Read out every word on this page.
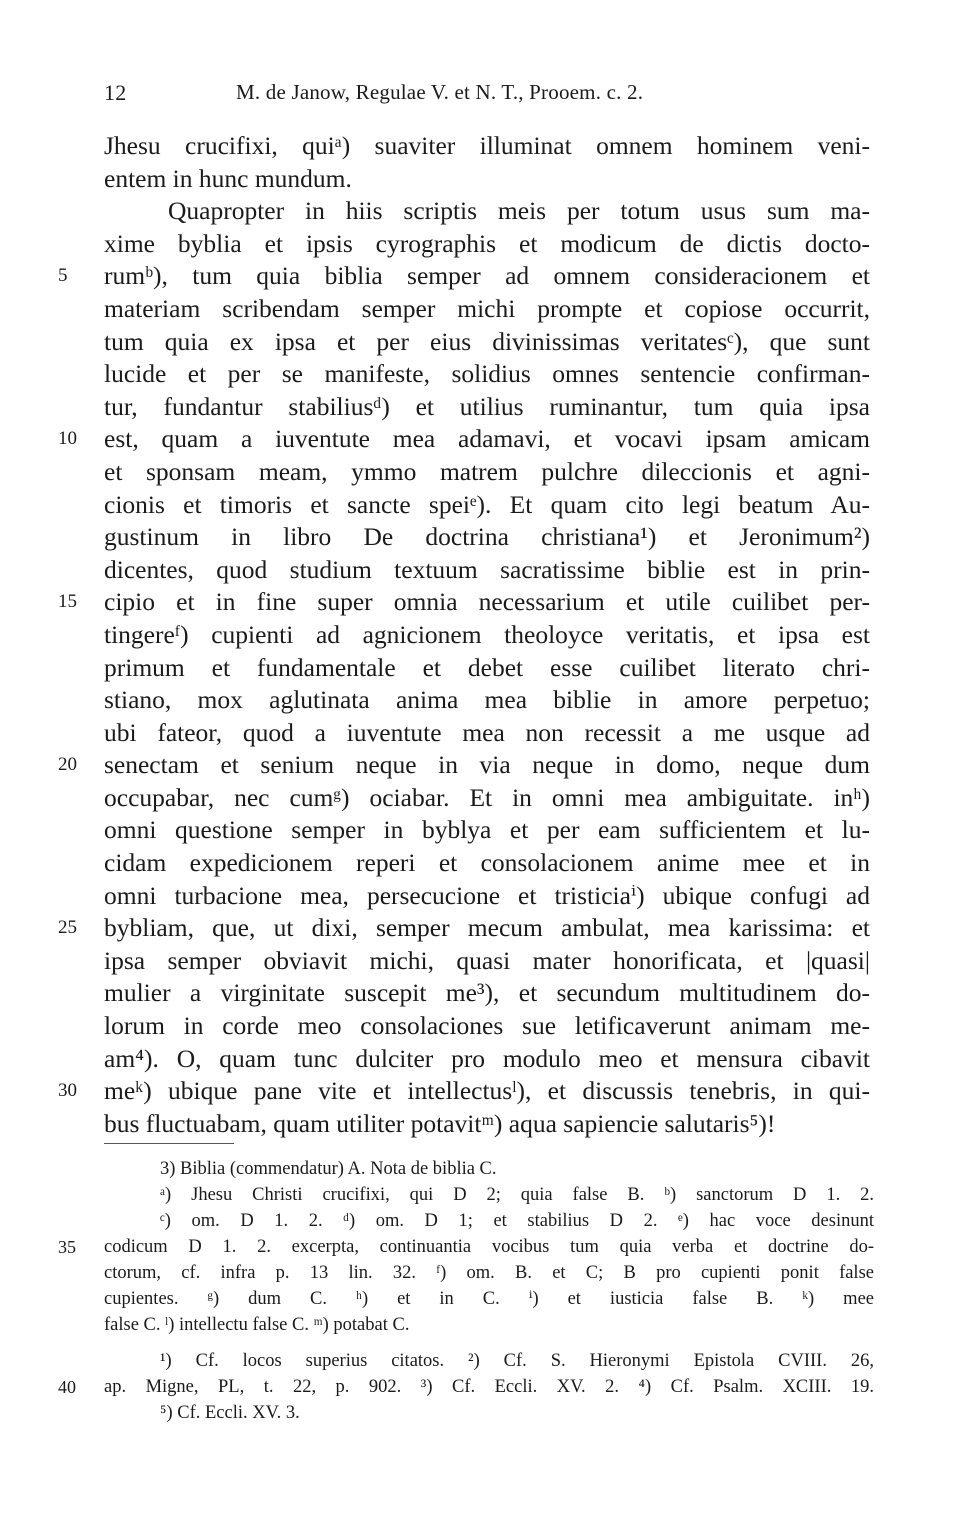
12	M. de Janow, Regulae V. et N. T., Prooem. c. 2.
Jhesu crucifixi, quiᵃ) suaviter illuminat omnem hominem veni-
entem in hunc mundum.
Quapropter in hiis scriptis meis per totum usus sum ma-
xime byblia et ipsis cyrographis et modicum de dictis docto-
rumᵇ), tum quia biblia semper ad omnem consideracionem et
5
materiam scribendam semper michi prompte et copiose occurrit,
tum quia ex ipsa et per eius divinissimas veritatesᶜ), que sunt
lucide et per se manifeste, solidius omnes sentencie confirman-
tur, fundantur stabiliusᵈ) et utilius ruminantur, tum quia ipsa
est, quam a iuventute mea adamavi, et vocavi ipsam amicam
10
et sponsam meam, ymmo matrem pulchre dileccionis et agni-
cionis et timoris et sancte speiᵉ). Et quam cito legi beatum Au-
gustinum in libro De doctrina christiana¹) et Jeronimum²)
dicentes, quod studium textuum sacratissime biblie est in prin-
cipio et in fine super omnia necessarium et utile cuilibet per-
15
tingereᶠ) cupienti ad agnicionem theoloyce veritatis, et ipsa est
primum et fundamentale et debet esse cuilibet literato chri-
stiano, mox aglutinata anima mea biblie in amore perpetuo;
ubi fateor, quod a iuventute mea non recessit a me usque ad
senectam et senium neque in via neque in domo, neque dum
20
occupabar, nec cumᵍ) ociabar. Et in omni mea ambiguitate. inʰ)
omni questione semper in byblya et per eam sufficientem et lu-
cidam expedicionem reperi et consolacionem anime mee et in
omni turbacione mea, persecucione et tristiciaⁱ) ubique confugi ad
bybliam, que, ut dixi, semper mecum ambulat, mea karissima: et
25
ipsa semper obviavit michi, quasi mater honorificata, et |quasi|
mulier a virginitate suscepit me³), et secundum multitudinem do-
lorum in corde meo consolaciones sue letificaverunt animam me-
am⁴). O, quam tunc dulciter pro modulo meo et mensura cibavit
meᵏ) ubique pane vite et intellectusˡ), et discussis tenebris, in qui-
30
bus fluctuabam, quam utiliter potavitᵐ) aqua sapiencie salutaris⁵)!
3) Biblia (commendatur) A. Nota de biblia C.
ᵃ) Jhesu Christi crucifixi, qui D 2; quia false B. ᵇ) sanctorum D 1. 2.
ᶜ) om. D 1. 2. ᵈ) om. D 1; et stabilius D 2. ᵉ) hac voce desinunt
codicum D 1. 2. excerpta, continuantia vocibus tum quia verba et doctrine do-
35
ctorum, cf. infra p. 13 lin. 32. ᶠ) om. B. et C; B pro cupienti ponit false
cupientes. ᵍ) dum C. ʰ) et in C. ⁱ) et iusticia false B. ᵏ) mee
false C. ˡ) intellectu false C. ᵐ) potabat C.
¹) Cf. locos superius citatos. ²) Cf. S. Hieronymi Epistola CVIII. 26,
ap. Migne, PL, t. 22, p. 902. ³) Cf. Eccli. XV. 2. ⁴) Cf. Psalm. XCIII. 19.
40
⁵) Cf. Eccli. XV. 3.
